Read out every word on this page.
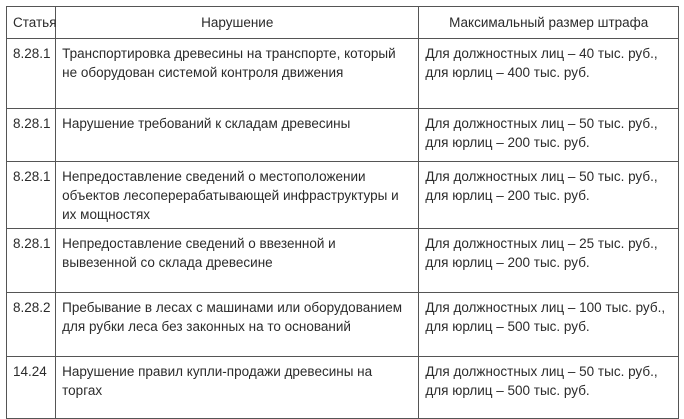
Статья	Нарушение	Максимальный размер штрафа
8.28.1	Транспортировка древесины на транспорте, который не оборудован системой контроля движения	Для должностных лиц – 40 тыс. руб.,
для юрлиц – 400 тыс. руб.

8.28.1	Нарушение требований к складам древесины	Для должностных лиц – 50 тыс. руб.,
для юрлиц – 200 тыс. руб.

8.28.1	Непредоставление сведений о местоположении объектов лесоперерабатывающей инфраструктуры и их мощностях	Для должностных лиц – 50 тыс. руб.,
для юрлиц – 200 тыс. руб.

8.28.1	Непредоставление сведений о ввезенной и вывезенной со склада древесине	Для должностных лиц – 25 тыс. руб.,
для юрлиц – 200 тыс. руб.

8.28.2	Пребывание в лесах с машинами или оборудованием для рубки леса без законных на то оснований	Для должностных лиц – 100 тыс. руб.,
для юрлиц – 500 тыс. руб.

14.24	Нарушение правил купли-продажи древесины на торгах	Для должностных лиц – 50 тыс. руб.,
для юрлиц – 500 тыс. руб.
